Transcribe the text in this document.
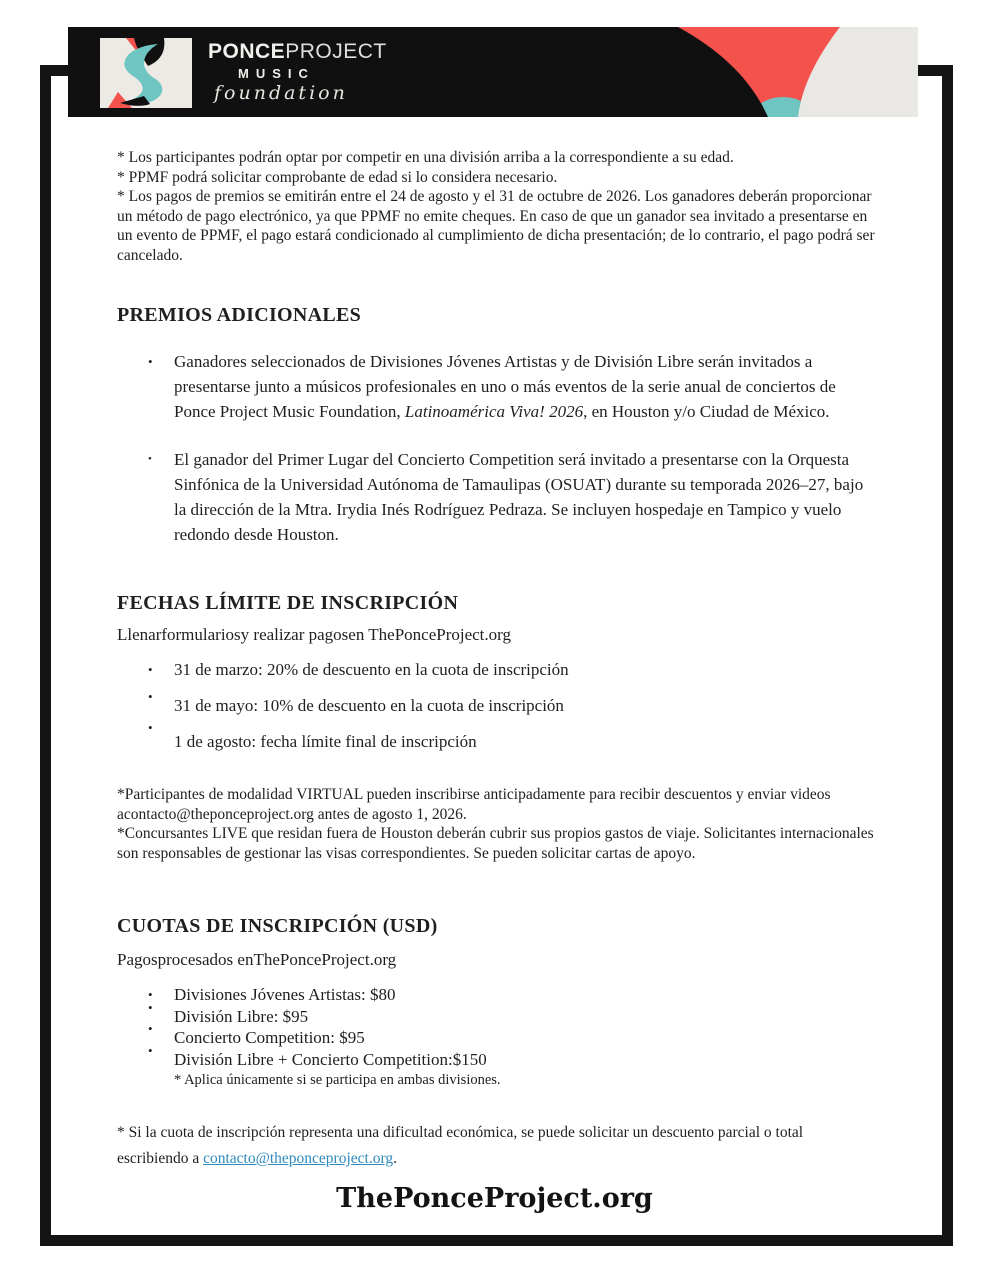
PONCEPROJECT
MUSIC
foundation
* Los participantes podrán optar por competir en una división arriba a la correspondiente a su edad.
* PPMF podrá solicitar comprobante de edad si lo considera necesario.
* Los pagos de premios se emitirán entre el 24 de agosto y el 31 de octubre de 2026. Los ganadores deberán proporcionar un método de pago electrónico, ya que PPMF no emite cheques. En caso de que un ganador sea invitado a presentarse en un evento de PPMF, el pago estará condicionado al cumplimiento de dicha presentación; de lo contrario, el pago podrá ser cancelado.
PREMIOS ADICIONALES
• Ganadores seleccionados de Divisiones Jóvenes Artistas y de División Libre serán invitados a presentarse junto a músicos profesionales en uno o más eventos de la serie anual de conciertos de Ponce Project Music Foundation, Latinoamérica Viva! 2026, en Houston y/o Ciudad de México.
•	El ganador del Primer Lugar del Concierto Competition será invitado a presentarse con la Orquesta Sinfónica de la Universidad Autónoma de Tamaulipas (OSUAT) durante su temporada 2026–27, bajo la dirección de la Mtra. Irydia Inés Rodríguez Pedraza. Se incluyen hospedaje en Tampico y vuelo redondo desde Houston.
FECHAS LÍMITE DE INSCRIPCIÓN

Llenarformulariosy realizar pagosen ThePonceProject.org

• 31 de marzo: 20% de descuento en la cuota de inscripción
• 31 de mayo: 10% de descuento en la cuota de inscripción
•
1 de agosto: fecha límite final de inscripción
*Participantes de modalidad VIRTUAL pueden inscribirse anticipadamente para recibir descuentos y enviar videos acontacto@theponceproject.org antes de agosto 1, 2026.
*Concursantes LIVE que residan fuera de Houston deberán cubrir sus propios gastos de viaje. Solicitantes internacionales son responsables de gestionar las visas correspondientes. Se pueden solicitar cartas de apoyo.
CUOTAS DE INSCRIPCIÓN (USD)

Pagosprocesados enThePonceProject.org

• Divisiones Jóvenes Artistas: $80
• División Libre: $95
• Concierto Competition: $95
• División Libre + Concierto Competition:$150
* Aplica únicamente si se participa en ambas divisiones.

* Si la cuota de inscripción representa una dificultad económica, se puede solicitar un descuento parcial o total escribiendo a contacto@theponceproject.org.

ThePonceProject.org
